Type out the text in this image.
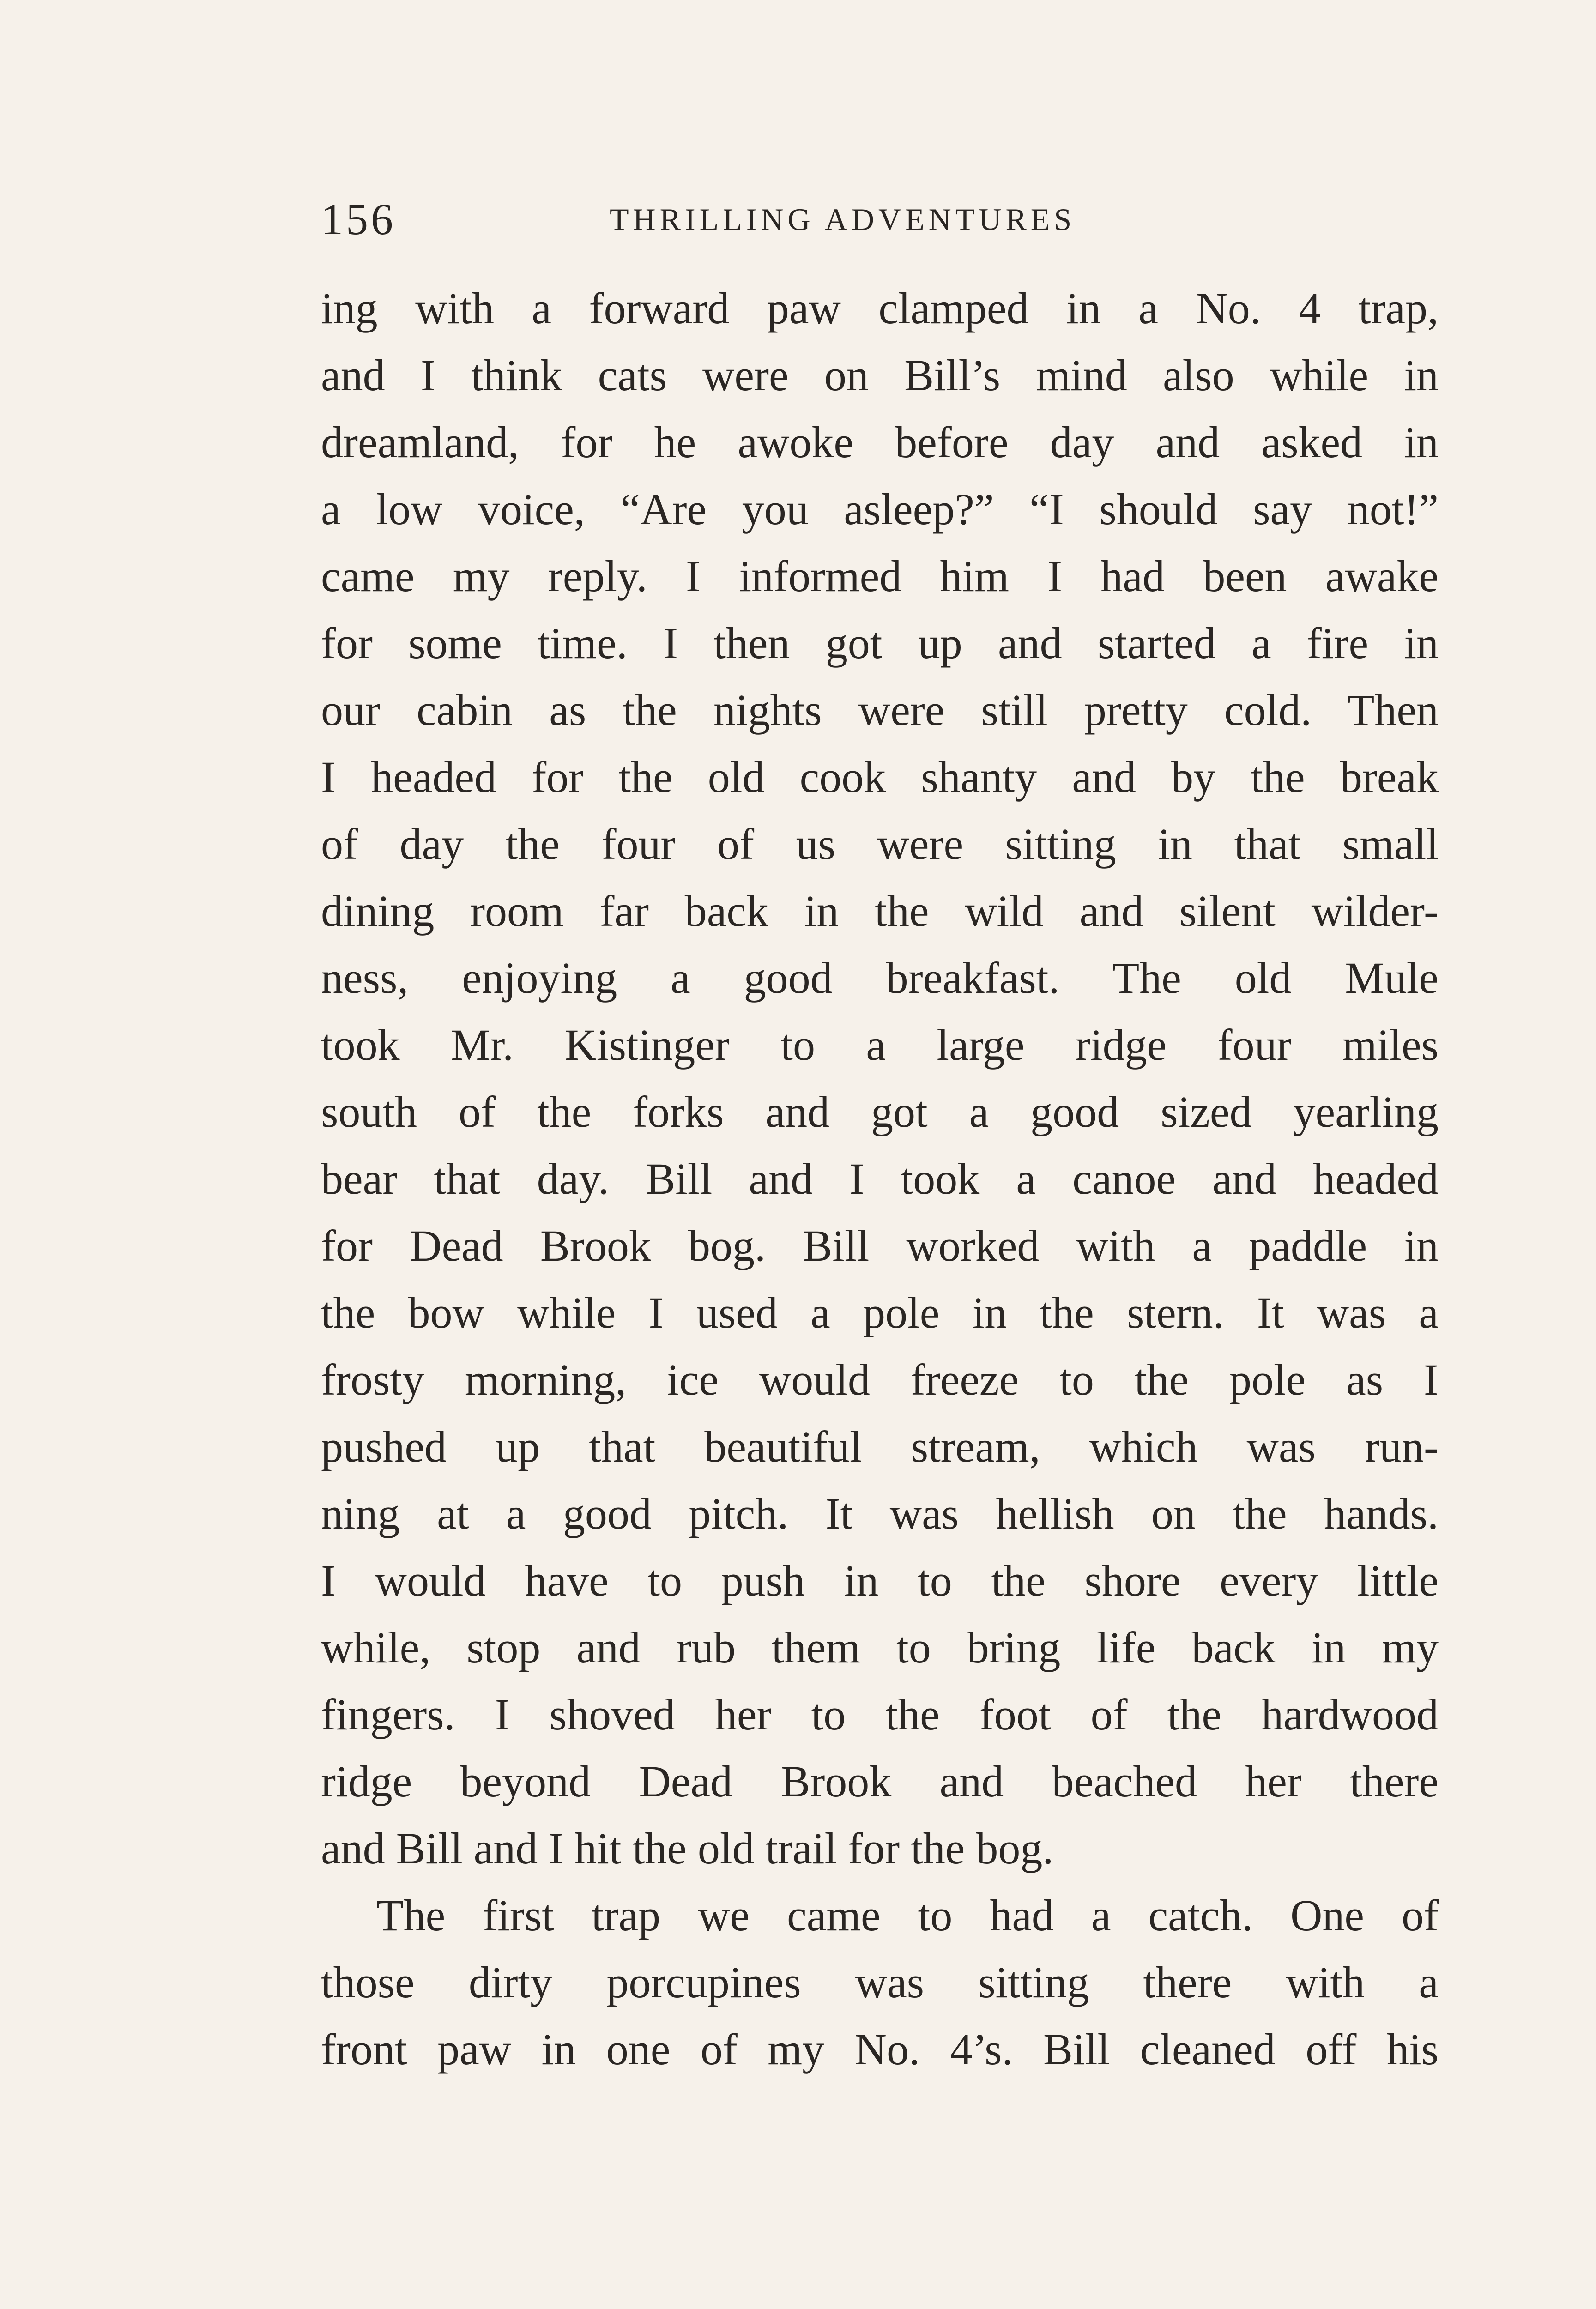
156	THRILLING ADVENTURES
ing with a forward paw clamped in a No. 4 trap,
and I think cats were on Bill’s mind also while in
dreamland, for he awoke before day and asked in
a low voice, “Are you asleep?” “I should say not!”
came my reply. I informed him I had been awake
for some time. I then got up and started a fire in
our cabin as the nights were still pretty cold. Then
I headed for the old cook shanty and by the break
of day the four of us were sitting in that small
dining room far back in the wild and silent wilder-
ness, enjoying a good breakfast. The old Mule
took Mr. Kistinger to a large ridge four miles
south of the forks and got a good sized yearling
bear that day. Bill and I took a canoe and headed
for Dead Brook bog. Bill worked with a paddle in
the bow while I used a pole in the stern. It was a
frosty morning, ice would freeze to the pole as I
pushed up that beautiful stream, which was run-
ning at a good pitch. It was hellish on the hands.
I would have to push in to the shore every little
while, stop and rub them to bring life back in my
fingers. I shoved her to the foot of the hardwood
ridge beyond Dead Brook and beached her there
and Bill and I hit the old trail for the bog.
The first trap we came to had a catch. One of
those dirty porcupines was sitting there with a
front paw in one of my No. 4’s. Bill cleaned off his
